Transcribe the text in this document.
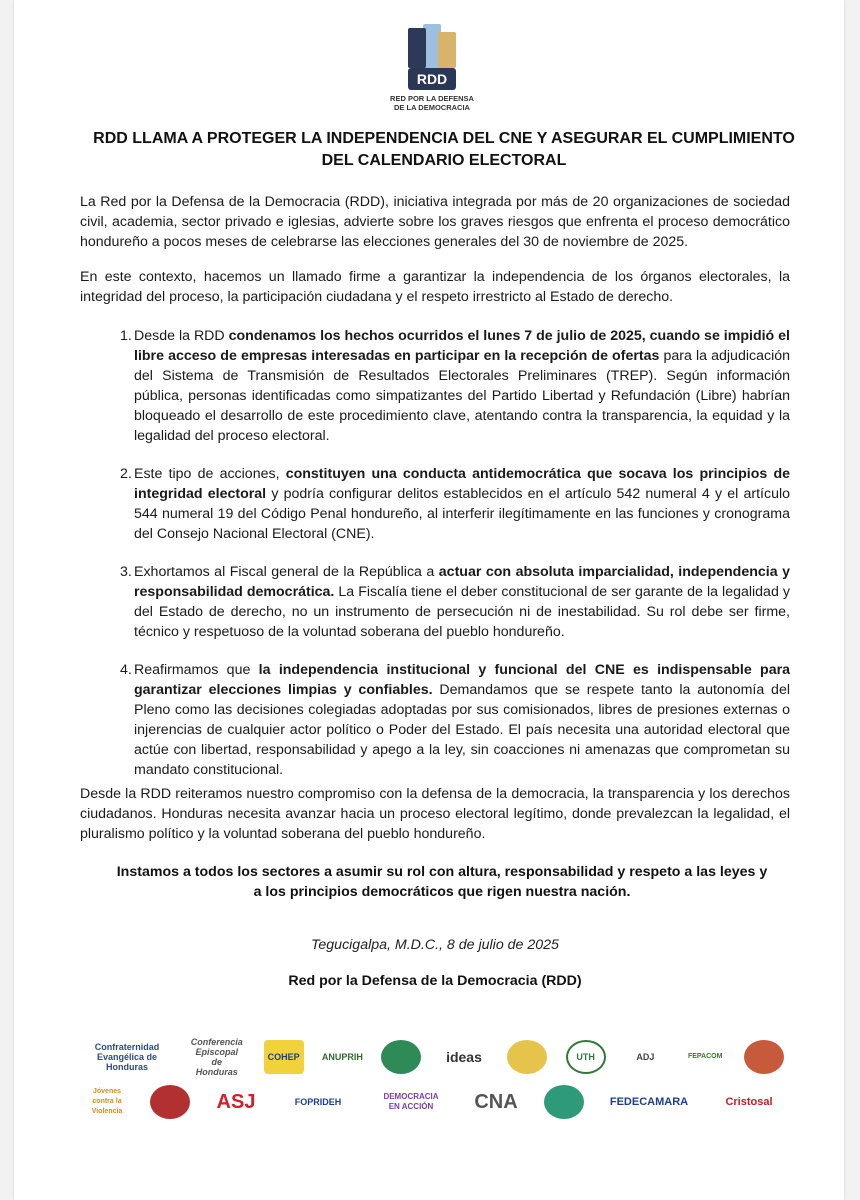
RDD
RED POR LA DEFENSA
DE LA DEMOCRACIA
RDD LLAMA A PROTEGER LA INDEPENDENCIA DEL CNE Y ASEGURAR EL CUMPLIMIENTO
DEL CALENDARIO ELECTORAL
La Red por la Defensa de la Democracia (RDD), iniciativa integrada por más de 20 organizaciones de sociedad civil, academia, sector privado e iglesias, advierte sobre los graves riesgos que enfrenta el proceso democrático hondureño a pocos meses de celebrarse las elecciones generales del 30 de noviembre de 2025.
En este contexto, hacemos un llamado firme a garantizar la independencia de los órganos electorales, la integridad del proceso, la participación ciudadana y el respeto irrestricto al Estado de derecho.
1. Desde la RDD condenamos los hechos ocurridos el lunes 7 de julio de 2025, cuando se impidió el libre acceso de empresas interesadas en participar en la recepción de ofertas para la adjudicación del Sistema de Transmisión de Resultados Electorales Preliminares (TREP). Según información pública, personas identificadas como simpatizantes del Partido Libertad y Refundación (Libre) habrían bloqueado el desarrollo de este procedimiento clave, atentando contra la transparencia, la equidad y la legalidad del proceso electoral.
2. Este tipo de acciones, constituyen una conducta antidemocrática que socava los principios de integridad electoral y podría configurar delitos establecidos en el artículo 542 numeral 4 y el artículo 544 numeral 19 del Código Penal hondureño, al interferir ilegítimamente en las funciones y cronograma del Consejo Nacional Electoral (CNE).
3. Exhortamos al Fiscal general de la República a actuar con absoluta imparcialidad, independencia y responsabilidad democrática. La Fiscalía tiene el deber constitucional de ser garante de la legalidad y del Estado de derecho, no un instrumento de persecución ni de inestabilidad. Su rol debe ser firme, técnico y respetuoso de la voluntad soberana del pueblo hondureño.
4. Reafirmamos que la independencia institucional y funcional del CNE es indispensable para garantizar elecciones limpias y confiables. Demandamos que se respete tanto la autonomía del Pleno como las decisiones colegiadas adoptadas por sus comisionados, libres de presiones externas o injerencias de cualquier actor político o Poder del Estado. El país necesita una autoridad electoral que actúe con libertad, responsabilidad y apego a la ley, sin coacciones ni amenazas que comprometan su mandato constitucional.
Desde la RDD reiteramos nuestro compromiso con la defensa de la democracia, la transparencia y los derechos ciudadanos. Honduras necesita avanzar hacia un proceso electoral legítimo, donde prevalezcan la legalidad, el pluralismo político y la voluntad soberana del pueblo hondureño.
Instamos a todos los sectores a asumir su rol con altura, responsabilidad y respeto a las leyes y a los principios democráticos que rigen nuestra nación.
Tegucigalpa, M.D.C., 8 de julio de 2025
Red por la Defensa de la Democracia (RDD)
Confraternidad Evangélica de Honduras
Conferencia Episcopal de Honduras
COHEP	ANUPRIH	ideas	UTH	ADJ	FEPACOM
Jóvenes contra la Violencia	ASJ	FOPRIDEH
DEMOCRACIA EN ACCIÓN	CNA	FEDECAMARA	Cristosal
